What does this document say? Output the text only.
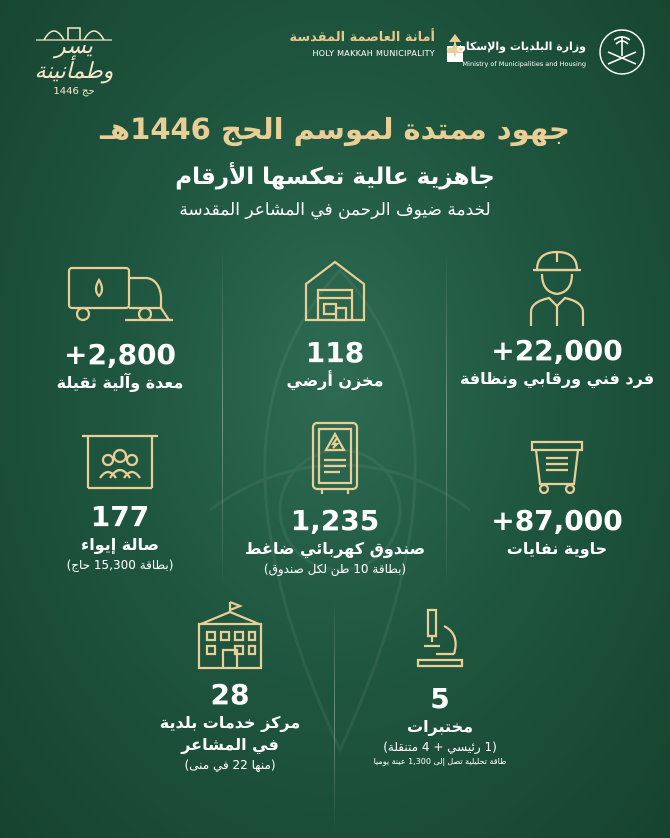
يسر وطمأنينة
حج 1446
أمانة العاصمة المقدسة
HOLY MAKKAH MUNICIPALITY
وزارة البلديات والإسكان
Ministry of Municipalities and Housing
جهود ممتدة لموسم الحج 1446هـ
جاهزية عالية تعكسها الأرقام
لخدمة ضيوف الرحمن في المشاعر المقدسة
+22,000
فرد فني ورقابي ونظافة
118
مخزن أرضي
+2,800
معدة وآلية ثقيلة
+87,000
حاوية نفايات
1,235
صندوق كهربائي ضاغط
(بطاقة 10 طن لكل صندوق)
177
صالة إيواء
(بطاقة 15,300 حاج)
5
مختبرات
(1 رئيسي + 4 متنقلة)
طاقة تحليلية تصل إلى 1,300 عينة يوميا
28
مركز خدمات بلدية
في المشاعر
(منها 22 في منى)
